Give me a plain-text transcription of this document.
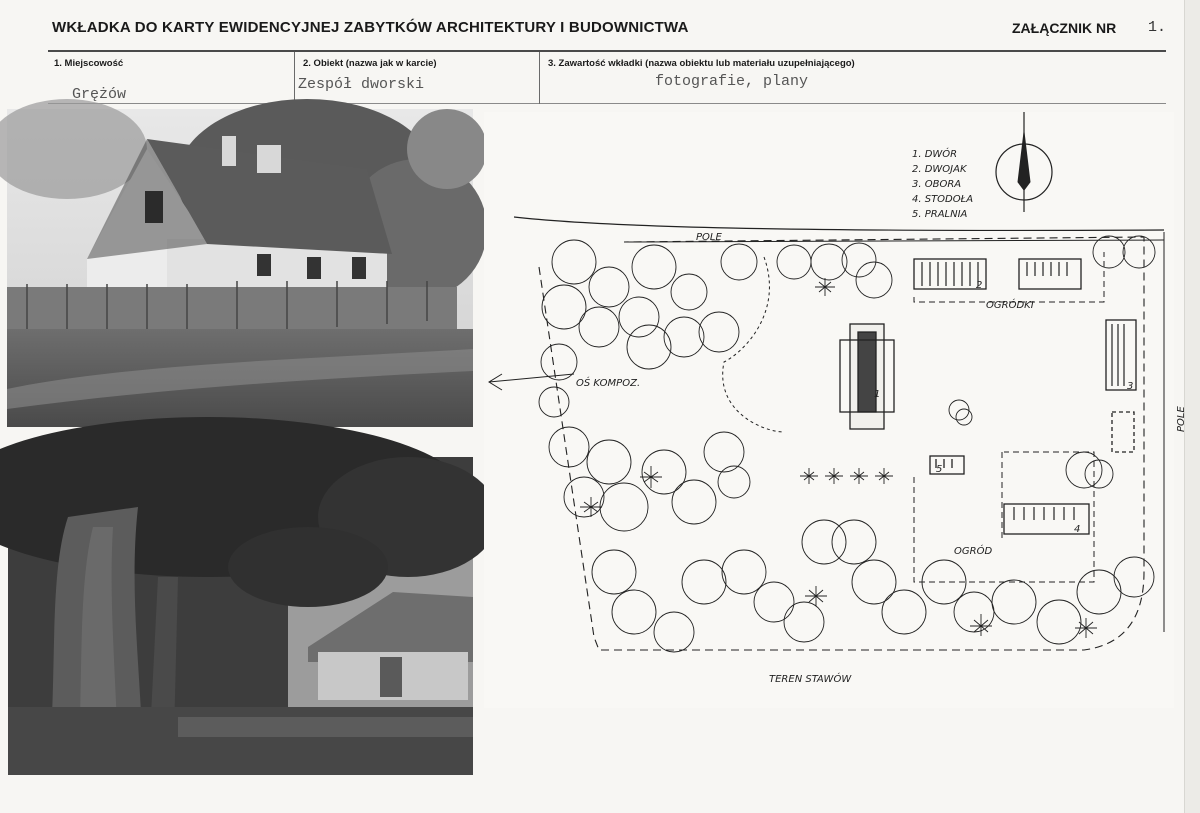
WKŁADKA DO KARTY EWIDENCYJNEJ ZABYTKÓW ARCHITEKTURY I BUDOWNICTWA	ZAŁĄCZNIK NR 1.
1. Miejscowość
Grężów
2. Obiekt (nazwa jak w karcie)
Zespół dworski
3. Zawartość wkładki (nazwa obiektu lub materiału uzupełniającego)
fotografie, plany
1. DWÓR
2. DWOJAK
3. OBORA
4. STODOŁA
5. PRALNIA
POLE
POLE
OGRÓDKI
OŚ KOMPOZ.
OGRÓD
TEREN STAWÓW
1
2
3
4
5
